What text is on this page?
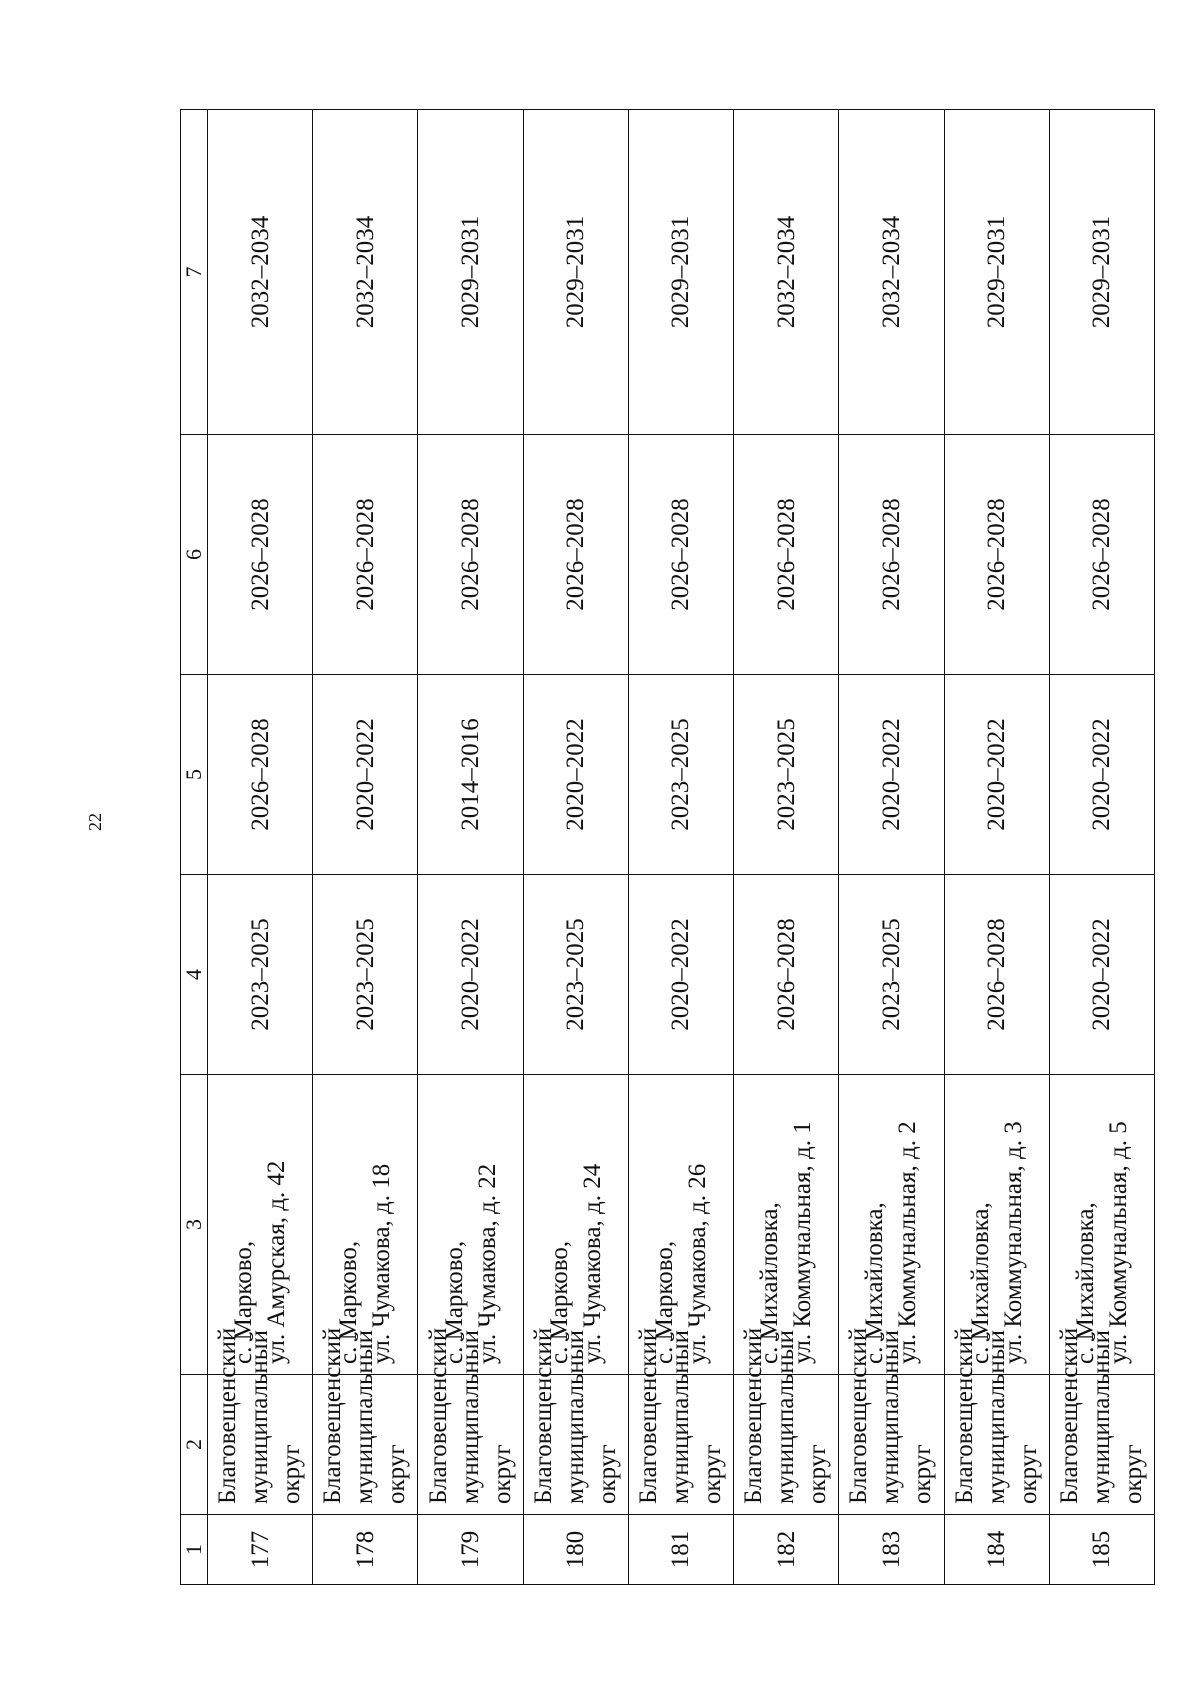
22
1	2	3	4	5	6	7
177	Благовещенский муниципальный округ	с. Марково, ул. Амурская, д. 42	2023–2025	2026–2028	2026–2028	2032–2034
178	Благовещенский муниципальный округ	с. Марково, ул. Чумакова, д. 18	2023–2025	2020–2022	2026–2028	2032–2034
179	Благовещенский муниципальный округ	с. Марково, ул. Чумакова, д. 22	2020–2022	2014–2016	2026–2028	2029–2031
180	Благовещенский муниципальный округ	с. Марково, ул. Чумакова, д. 24	2023–2025	2020–2022	2026–2028	2029–2031
181	Благовещенский муниципальный округ	с. Марково, ул. Чумакова, д. 26	2020–2022	2023–2025	2026–2028	2029–2031
182	Благовещенский муниципальный округ	с. Михайловка, ул. Коммунальная, д. 1	2026–2028	2023–2025	2026–2028	2032–2034
183	Благовещенский муниципальный округ	с. Михайловка, ул. Коммунальная, д. 2	2023–2025	2020–2022	2026–2028	2032–2034
184	Благовещенский муниципальный округ	с. Михайловка, ул. Коммунальная, д. 3	2026–2028	2020–2022	2026–2028	2029–2031
185	Благовещенский муниципальный округ	с. Михайловка, ул. Коммунальная, д. 5	2020–2022	2020–2022	2026–2028	2029–2031
